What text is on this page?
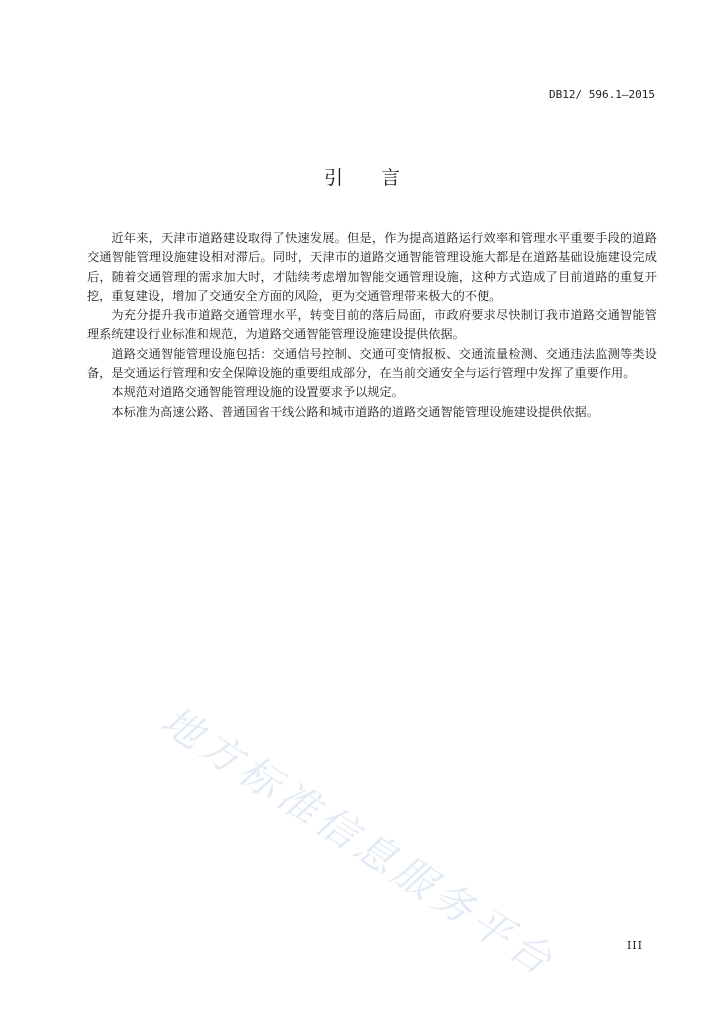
DB12/ 596.1—2015
引言

近年来，天津市道路建设取得了快速发展。但是，作为提高道路运行效率和管理水平重要手段的道路交通智能管理设施建设相对滞后。同时，天津市的道路交通智能管理设施大都是在道路基础设施建设完成后，随着交通管理的需求加大时，才陆续考虑增加智能交通管理设施，这种方式造成了目前道路的重复开挖，重复建设，增加了交通安全方面的风险，更为交通管理带来极大的不便。

为充分提升我市道路交通管理水平，转变目前的落后局面，市政府要求尽快制订我市道路交通智能管理系统建设行业标准和规范，为道路交通智能管理设施建设提供依据。

道路交通智能管理设施包括：交通信号控制、交通可变情报板、交通流量检测、交通违法监测等类设备，是交通运行管理和安全保障设施的重要组成部分，在当前交通安全与运行管理中发挥了重要作用。

本规范对道路交通智能管理设施的设置要求予以规定。

本标准为高速公路、普通国省干线公路和城市道路的道路交通智能管理设施建设提供依据。

地方标准信息服务平台	III
